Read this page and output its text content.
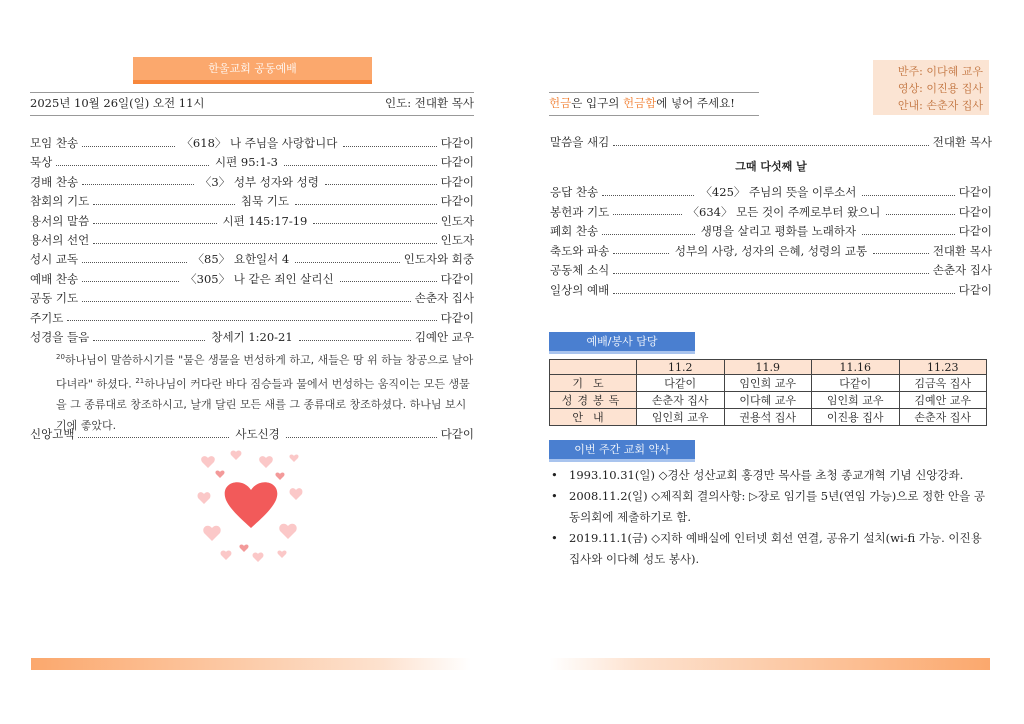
한울교회 공동예배
2025년 10월 26일(일) 오전 11시	인도: 전대환 목사
모임 찬송	〈618〉 나 주님을 사랑합니다	다같이
묵상	시편 95:1-3	다같이
경배 찬송	〈3〉 성부 성자와 성령	다같이
참회의 기도	침묵 기도	다같이
용서의 말씀	시편 145:17-19	인도자
용서의 선언	인도자
성시 교독	〈85〉 요한일서 4	인도자와 회중
예배 찬송	〈305〉 나 같은 죄인 살리신	다같이
공동 기도	손춘자 집사
주기도	다같이
성경을 들음	창세기 1:20-21	김예안 교우
$^{20}$하나님이 말씀하시기를 "물은 생물을 번성하게 하고, 새들은 땅 위 하늘 창공으로 날아다녀라" 하셨다. $^{21}$하나님이 커다란 바다 짐승들과 물에서 번성하는 움직이는 모든 생물을 그 종류대로 창조하시고, 날개 달린 모든 새를 그 종류대로 창조하셨다. 하나님 보시기에 좋았다.
신앙고백	사도신경	다같이
반주: 이다혜 교우
영상: 이진용 집사
안내: 손춘자 집사
헌금은 입구의 헌금함에 넣어 주세요!
말씀을 새김	전대환 목사
그때 다섯째 날
응답 찬송	〈425〉 주님의 뜻을 이루소서	다같이
봉헌과 기도	〈634〉 모든 것이 주께로부터 왔으니	다같이
폐회 찬송	생명을 살리고 평화를 노래하자	다같이
축도와 파송	성부의 사랑, 성자의 은혜, 성령의 교통	전대환 목사
공동체 소식	손춘자 집사
일상의 예배	다같이
예배/봉사 담당
	11.2	11.9	11.16	11.23
기도	다같이	임인희 교우	다같이	김금옥 집사
성경봉독	손춘자 집사	이다혜 교우	임인희 교우	김예안 교우
안내	임인희 교우	권용석 집사	이진용 집사	손춘자 집사
이번 주간 교회 약사
• 1993.10.31(일) ◇경산 성산교회 홍경만 목사를 초청 종교개혁 기념 신앙강좌.
• 2008.11.2(일) ◇제직회 결의사항: ▷장로 임기를 5년(연임 가능)으로 정한 안을 공동의회에 제출하기로 함.
• 2019.11.1(금) ◇지하 예배실에 인터넷 회선 연결, 공유기 설치(wi-fi 가능. 이진용 집사와 이다혜 성도 봉사).
